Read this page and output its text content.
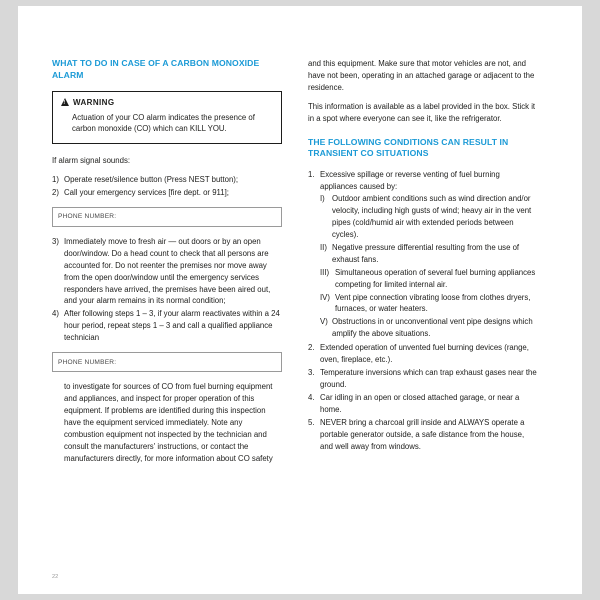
WHAT TO DO IN CASE OF A CARBON MONOXIDE ALARM
!
WARNING
Actuation of your CO alarm indicates the presence of carbon monoxide (CO) which can KILL YOU.
If alarm signal sounds:
1) Operate reset/silence button (Press NEST button);
2) Call your emergency services [fire dept. or 911];
PHONE NUMBER:
3) Immediately move to fresh air — out doors or by an open door/window. Do a head count to check that all persons are accounted for. Do not reenter the premises nor move away from the open door/window until the emergency services responders have arrived, the premises have been aired out, and your alarm remains in its normal condition;
4) After following steps 1 – 3, if your alarm reactivates within a 24 hour period, repeat steps 1 – 3 and call a qualified appliance technician
PHONE NUMBER:
to investigate for sources of CO from fuel burning equipment and appliances, and inspect for proper operation of this equipment. If problems are identified during this inspection have the equipment serviced immediately. Note any combustion equipment not inspected by the technician and consult the manufacturers' instructions, or contact the manufacturers directly, for more information about CO safety
and this equipment. Make sure that motor vehicles are not, and have not been, operating in an attached garage or adjacent to the residence.
This information is available as a label provided in the box. Stick it in a spot where everyone can see it, like the refrigerator.
THE FOLLOWING CONDITIONS CAN RESULT IN TRANSIENT CO SITUATIONS
1. Excessive spillage or reverse venting of fuel burning appliances caused by:
I) Outdoor ambient conditions such as wind direction and/or velocity, including high gusts of wind; heavy air in the vent pipes (cold/humid air with extended periods between cycles).
II) Negative pressure differential resulting from the use of exhaust fans.
III) Simultaneous operation of several fuel burning appliances competing for limited internal air.
IV) Vent pipe connection vibrating loose from clothes dryers, furnaces, or water heaters.
V) Obstructions in or unconventional vent pipe designs which amplify the above situations.
2. Extended operation of unvented fuel burning devices (range, oven, fireplace, etc.).
3. Temperature inversions which can trap exhaust gases near the ground.
4. Car idling in an open or closed attached garage, or near a home.
5. NEVER bring a charcoal grill inside and ALWAYS operate a portable generator outside, a safe distance from the house, and well away from windows.
22
